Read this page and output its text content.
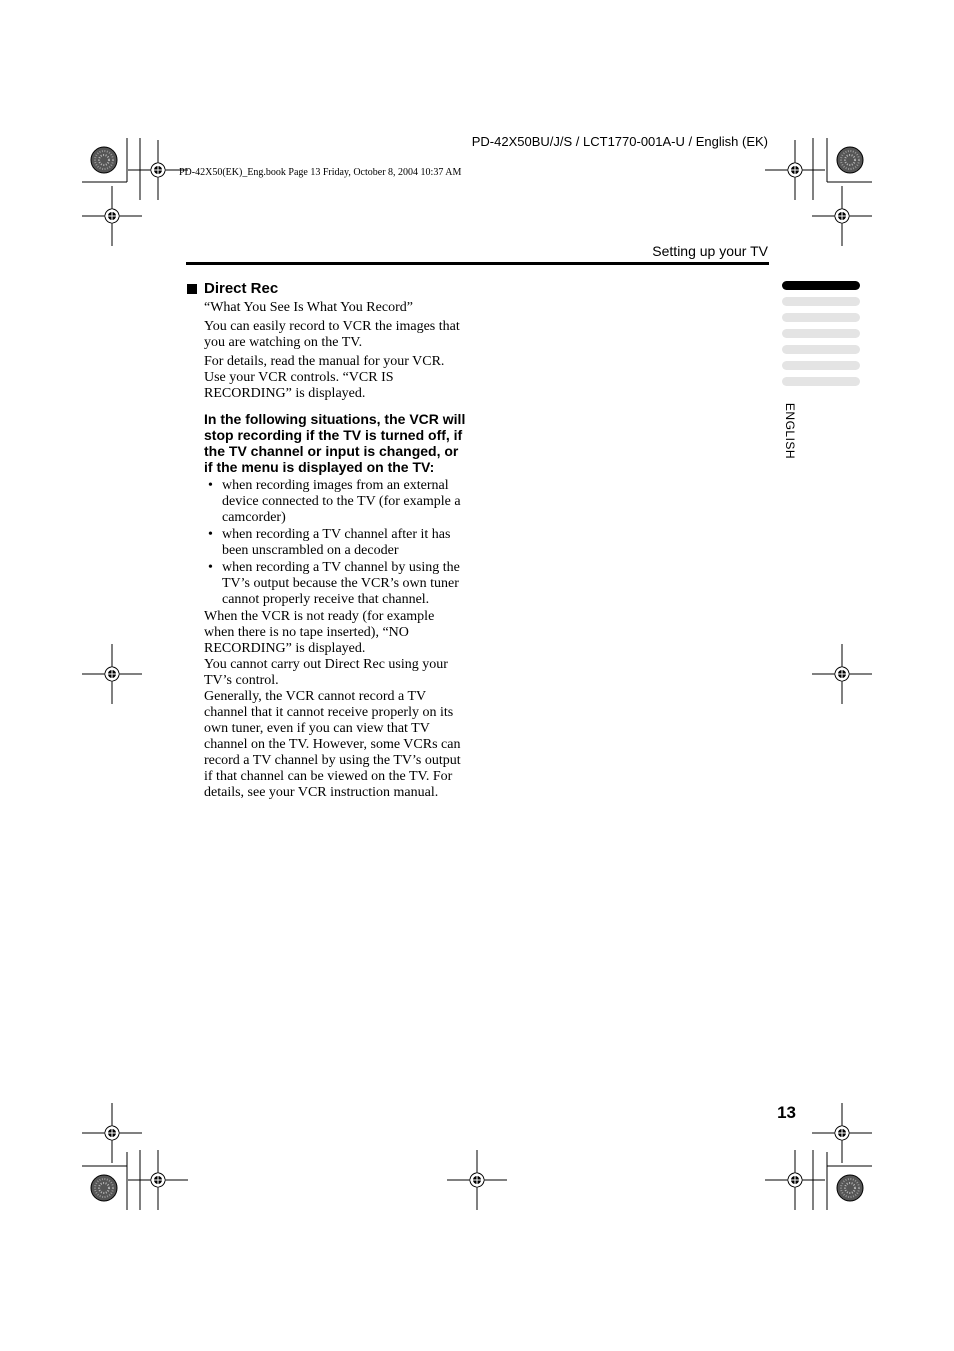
PD-42X50BU/J/S / LCT1770-001A-U / English (EK)
PD-42X50(EK)_Eng.book Page 13 Friday, October 8, 2004 10:37 AM
Setting up your TV
ENGLISH
Direct Rec

“What You See Is What You Record”

You can easily record to VCR the images that you are watching on the TV.

For details, read the manual for your VCR. Use your VCR controls. “VCR IS RECORDING” is displayed.

In the following situations, the VCR will stop recording if the TV is turned off, if the TV channel or input is changed, or if the menu is displayed on the TV:

• when recording images from an external device connected to the TV (for example a camcorder)
• when recording a TV channel after it has been unscrambled on a decoder
• when recording a TV channel by using the TV’s output because the VCR’s own tuner cannot properly receive that channel.

When the VCR is not ready (for example when there is no tape inserted), “NO RECORDING” is displayed.

You cannot carry out Direct Rec using your TV’s control.

Generally, the VCR cannot record a TV channel that it cannot receive properly on its own tuner, even if you can view that TV channel on the TV. However, some VCRs can record a TV channel by using the TV’s output if that channel can be viewed on the TV. For details, see your VCR instruction manual.

13
